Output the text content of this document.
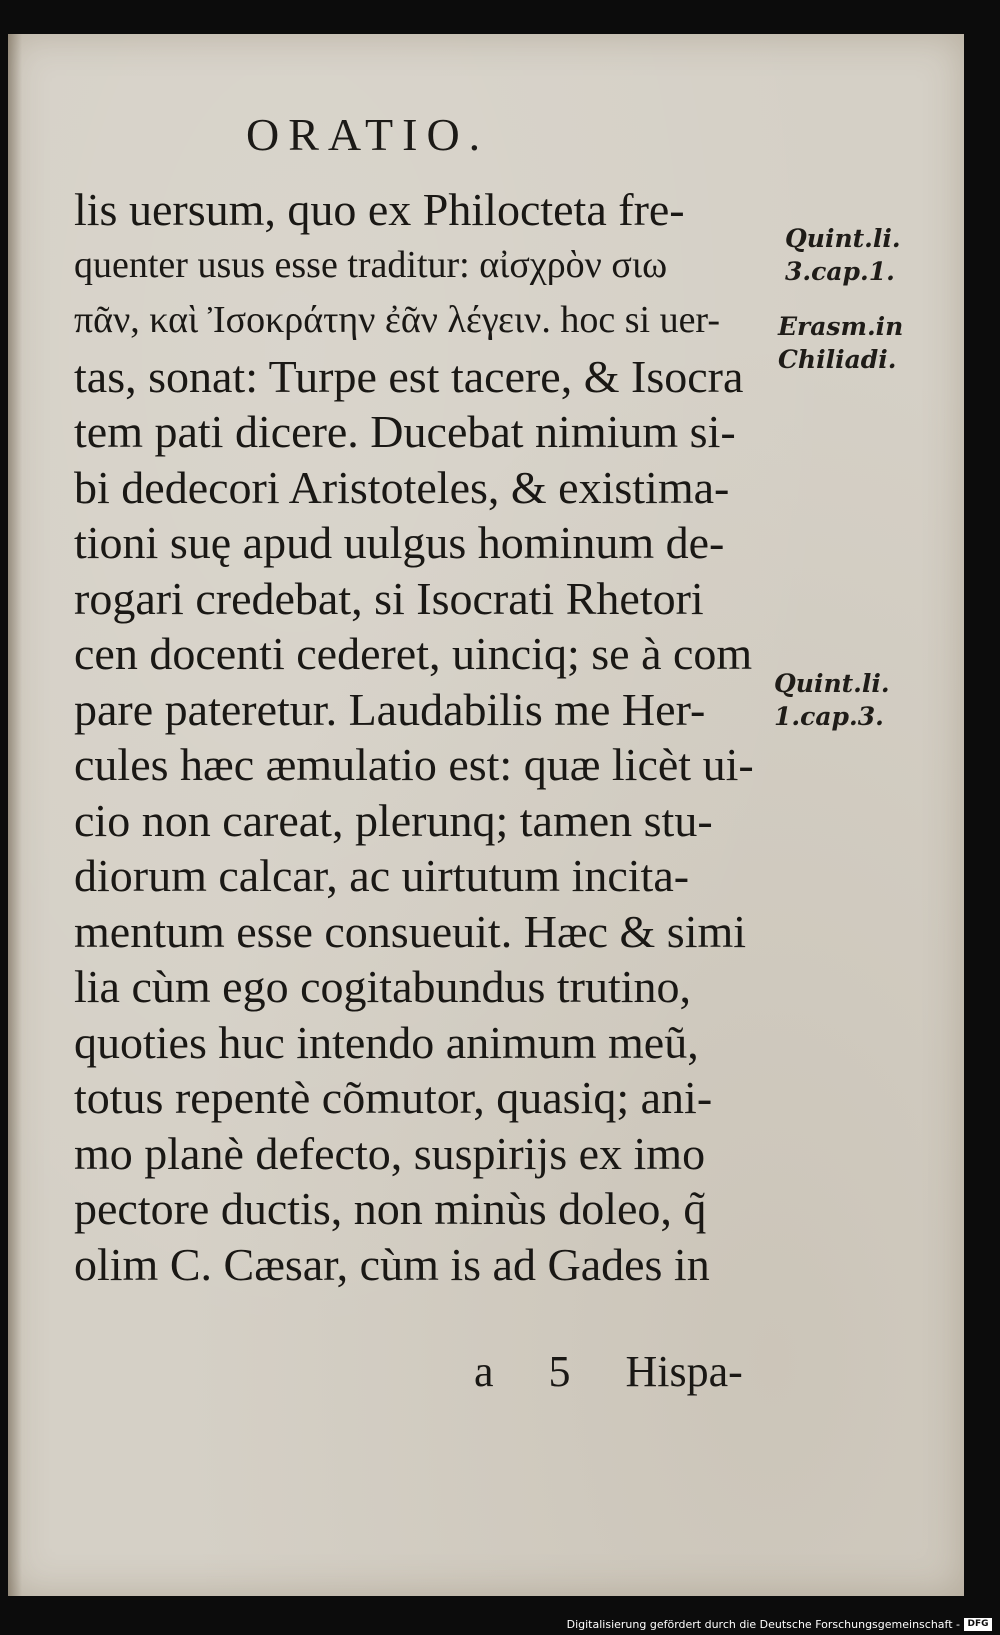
ORATIO.
lis uersum, quo ex Philocteta fre-
quenter usus esse traditur: αἰσχρὸν σιω
πᾶν, καὶ Ἰσοκράτην ἐᾶν λέγειν. hoc si uer-
tas, sonat: Turpe est tacere, & Isocra
tem pati dicere. Ducebat nimium si-
bi dedecori Aristoteles, & existima-
tioni suę apud uulgus hominum de-
rogari credebat, si Isocrati Rhetori
cen docenti cederet, uinciq; se à com
pare pateretur. Laudabilis me Her-
cules hæc æmulatio est: quæ licèt ui-
cio non careat, plerunq; tamen stu-
diorum calcar, ac uirtutum incita-
mentum esse consueuit. Hæc & simi
lia cùm ego cogitabundus trutino,
quoties huc intendo animum meũ,
totus repentè cõmutor, quasiq; ani-
mo planè defecto, suspirijs ex imo
pectore ductis, non minùs doleo, q̃
olim C. Cæsar, cùm is ad Gades in
a 5 Hispa-
Quint.li.
3.cap.1.
Erasm.in
Chiliadi.
Quint.li.
1.cap.3.
Digitalisierung gefördert durch die Deutsche Forschungsgemeinschaft - DFG
